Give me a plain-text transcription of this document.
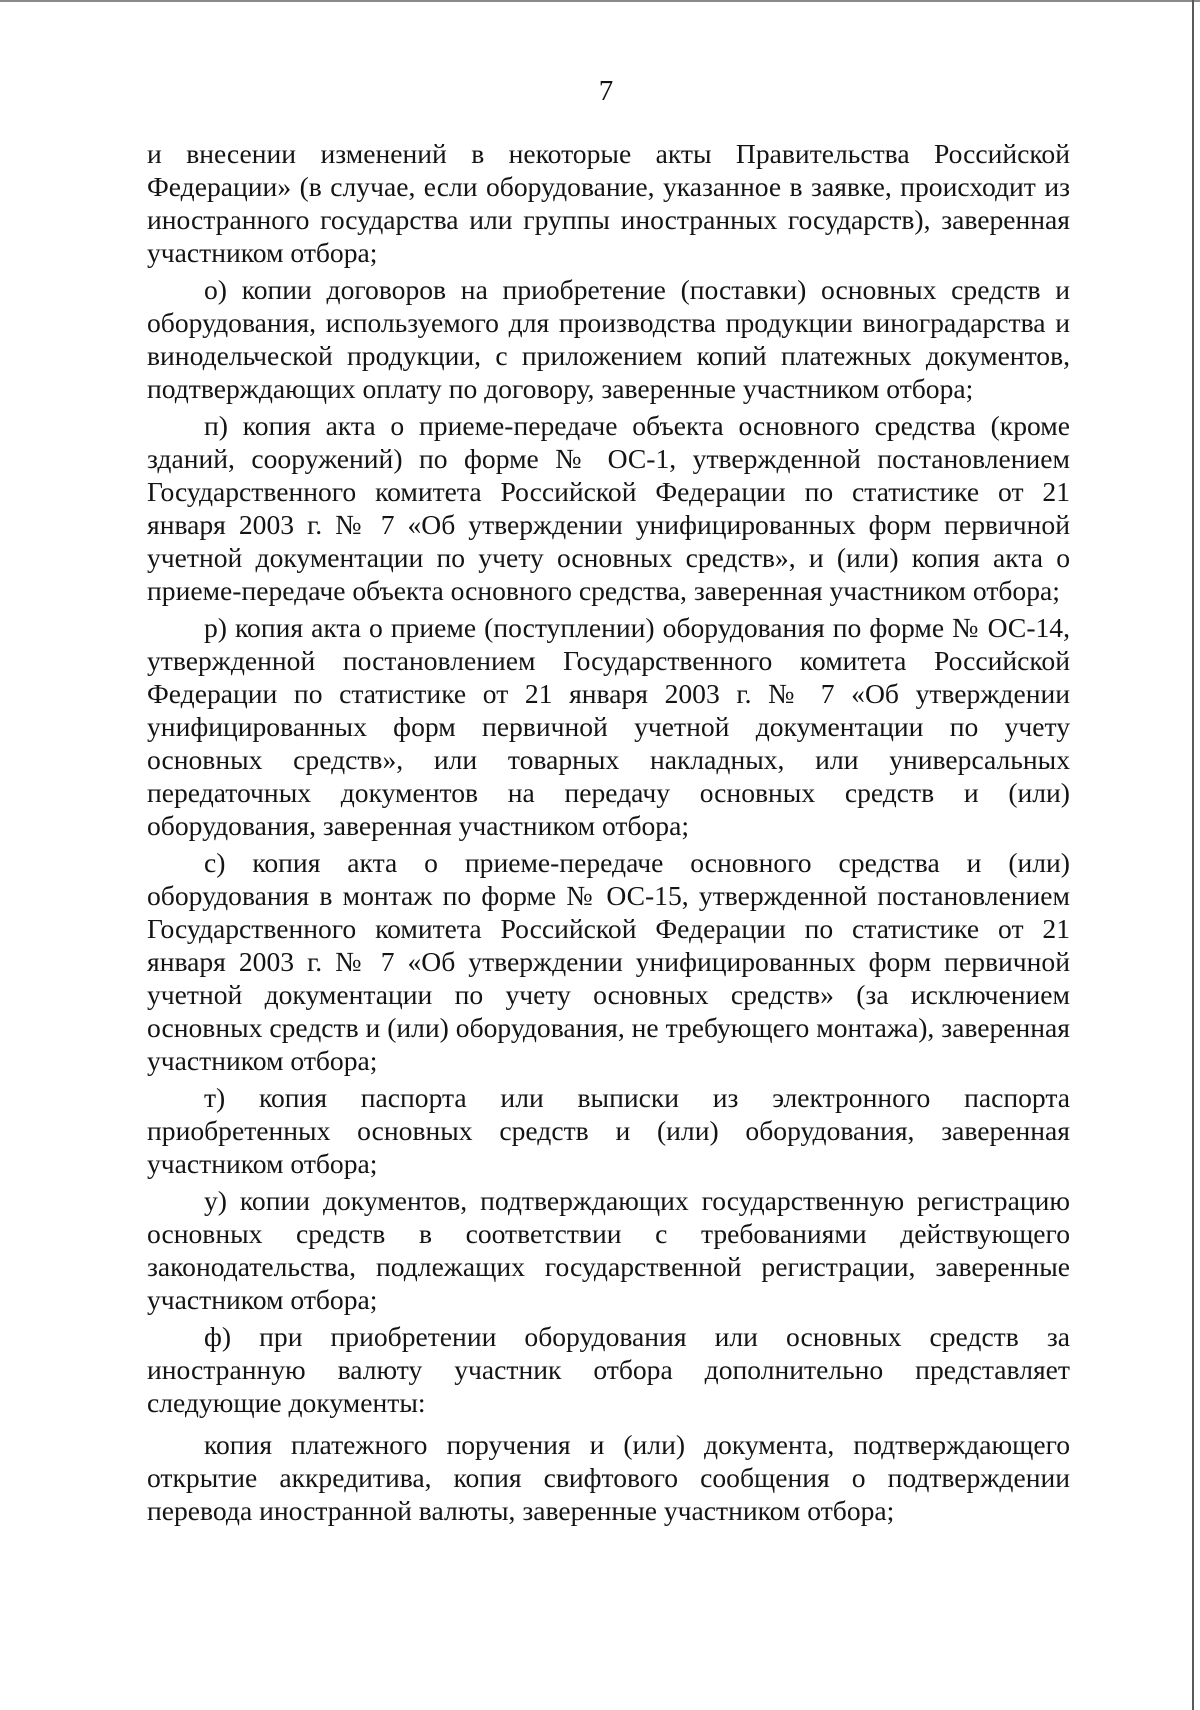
7

и внесении изменений в некоторые акты Правительства Российской Федерации» (в случае, если оборудование, указанное в заявке, происходит из иностранного государства или группы иностранных государств), заверенная участником отбора;

о) копии договоров на приобретение (поставки) основных средств и оборудования, используемого для производства продукции виноградарства и винодельческой продукции, с приложением копий платежных документов, подтверждающих оплату по договору, заверенные участником отбора;

п) копия акта о приеме-передаче объекта основного средства (кроме зданий, сооружений) по форме № ОС-1, утвержденной постановлением Государственного комитета Российской Федерации по статистике от 21 января 2003 г. № 7 «Об утверждении унифицированных форм первичной учетной документации по учету основных средств», и (или) копия акта о приеме-передаче объекта основного средства, заверенная участником отбора;

р) копия акта о приеме (поступлении) оборудования по форме № ОС-14, утвержденной постановлением Государственного комитета Российской Федерации по статистике от 21 января 2003 г. № 7 «Об утверждении унифицированных форм первичной учетной документации по учету основных средств», или товарных накладных, или универсальных передаточных документов на передачу основных средств и (или) оборудования, заверенная участником отбора;

с) копия акта о приеме-передаче основного средства и (или) оборудования в монтаж по форме № ОС-15, утвержденной постановлением Государственного комитета Российской Федерации по статистике от 21 января 2003 г. № 7 «Об утверждении унифицированных форм первичной учетной документации по учету основных средств» (за исключением основных средств и (или) оборудования, не требующего монтажа), заверенная участником отбора;

т) копия паспорта или выписки из электронного паспорта приобретенных основных средств и (или) оборудования, заверенная участником отбора;

у) копии документов, подтверждающих государственную регистрацию основных средств в соответствии с требованиями действующего законодательства, подлежащих государственной регистрации, заверенные участником отбора;

ф) при приобретении оборудования или основных средств за иностранную валюту участник отбора дополнительно представляет следующие документы:

копия платежного поручения и (или) документа, подтверждающего открытие аккредитива, копия свифтового сообщения о подтверждении перевода иностранной валюты, заверенные участником отбора;
